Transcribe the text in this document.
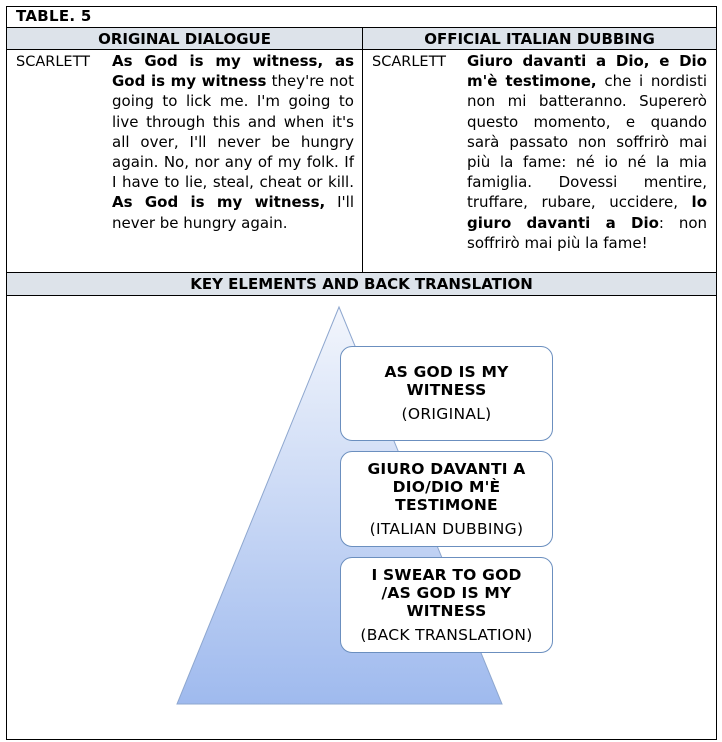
TABLE. 5
ORIGINAL DIALOGUE	OFFICIAL ITALIAN DUBBING
KEY ELEMENTS AND BACK TRANSLATION
SCARLETT As God is my witness, as God is my witness they're not going to lick me. I'm going to live through this and when it's all over, I'll never be hungry again. No, nor any of my folk. If I have to lie, steal, cheat or kill. As God is my witness, I'll never be hungry again.
SCARLETT Giuro davanti a Dio, e Dio m'è testimone, che i nordisti non mi batteranno. Supererò questo momento, e quando sarà passato non soffrirò mai più la fame: né io né la mia famiglia. Dovessi mentire, truffare, rubare, uccidere, lo giuro davanti a Dio: non soffrirò mai più la fame!
AS GOD IS MY WITNESS
(ORIGINAL)
GIURO DAVANTI A DIO/DIO M'È TESTIMONE
(ITALIAN DUBBING)
I SWEAR TO GOD /AS GOD IS MY WITNESS
(BACK TRANSLATION)
